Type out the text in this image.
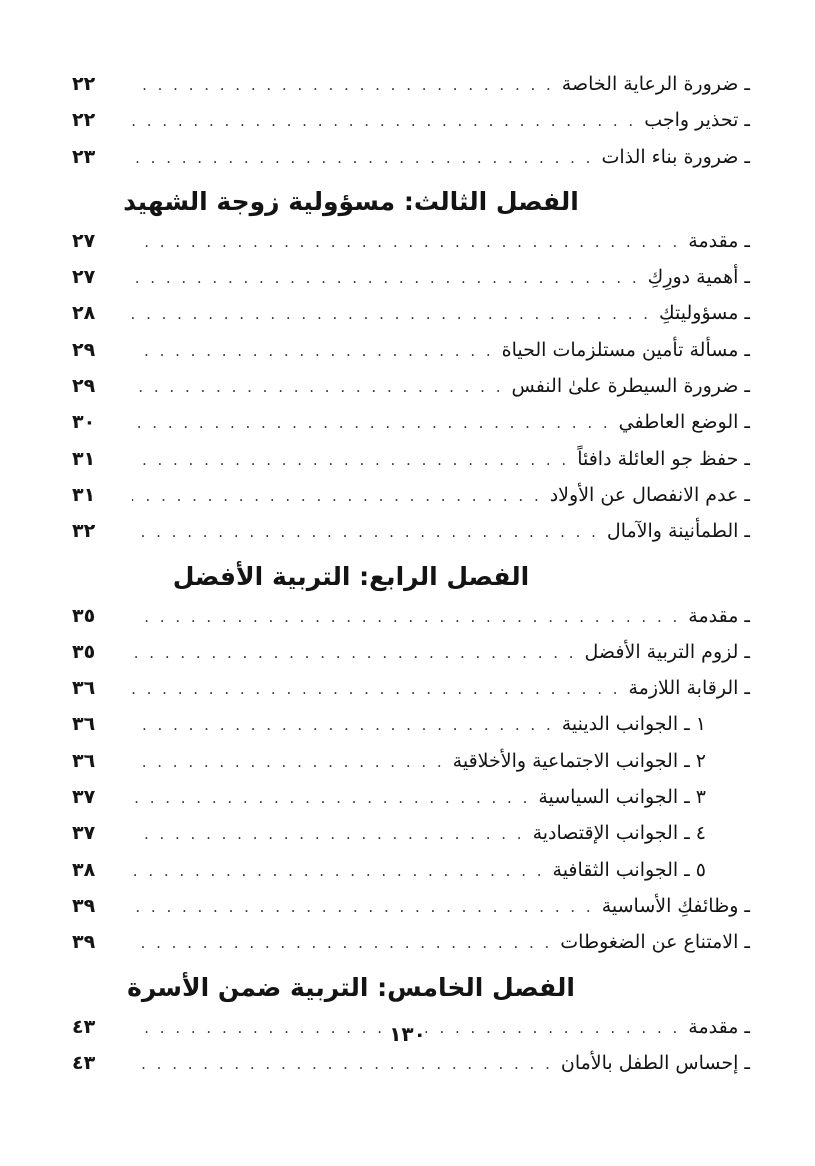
ـ ضرورة الرعاية الخاصة
. . .
٢٢
ـ تحذير واجب
. . .
٢٢
ـ ضرورة بناء الذات
. . .
٢٣
الفصل الثالث: مسؤولية زوجة الشهيد
ـ مقدمة
. . .
٢٧
ـ أهمية دورِكِ
. . .
٢٧
ـ مسؤوليتكِ
. . .
٢٨
ـ مسألة تأمين مستلزمات الحياة
. . .
٢٩
ـ ضرورة السيطرة علىٰ النفس
. . .
٢٩
ـ الوضع العاطفي
. . .
٣٠
ـ حفظ جو العائلة دافئاً
. . .
٣١
ـ عدم الانفصال عن الأولاد
. . .
٣١
ـ الطمأنينة والآمال
. . .
٣٢
الفصل الرابع: التربية الأفضل
ـ مقدمة
. . .
٣٥
ـ لزوم التربية الأفضل
. . .
٣٥
ـ الرقابة اللازمة
. . .
٣٦
١ ـ الجوانب الدينية
. . .
٣٦
٢ ـ الجوانب الاجتماعية والأخلاقية
. . .
٣٦
٣ ـ الجوانب السياسية
. . .
٣٧
٤ ـ الجوانب الإقتصادية
. . .
٣٧
٥ ـ الجوانب الثقافية
. . .
٣٨
ـ وظائفكِ الأساسية
. . .
٣٩
ـ الامتناع عن الضغوطات
. . .
٣٩
الفصل الخامس: التربية ضمن الأسرة
ـ مقدمة
. . .
٤٣
ـ إحساس الطفل بالأمان
. . .
٤٣
١٣٠
